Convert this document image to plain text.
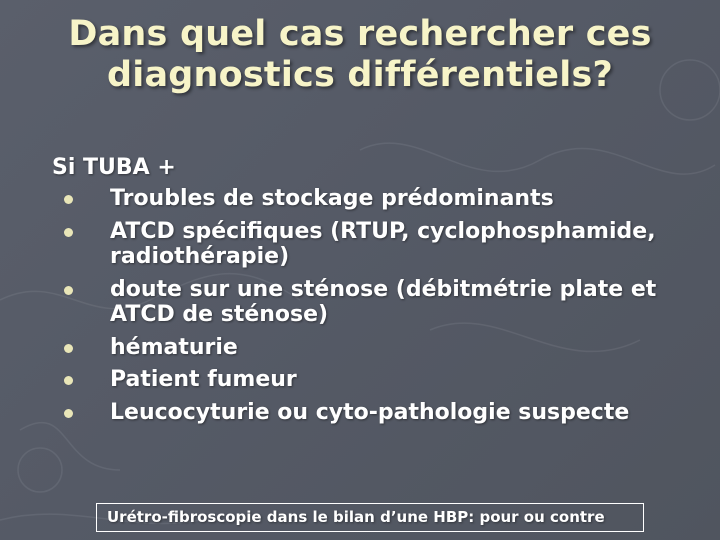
Dans quel cas rechercher ces diagnostics différentiels?

Si TUBA +

Troubles de stockage prédominants
ATCD spécifiques (RTUP, cyclophosphamide, radiothérapie)
doute sur une sténose (débitmétrie plate et ATCD de sténose)
hématurie
Patient fumeur
Leucocyturie ou cyto-pathologie suspecte
Urétro-fibroscopie dans le bilan d’une HBP: pour ou contre
